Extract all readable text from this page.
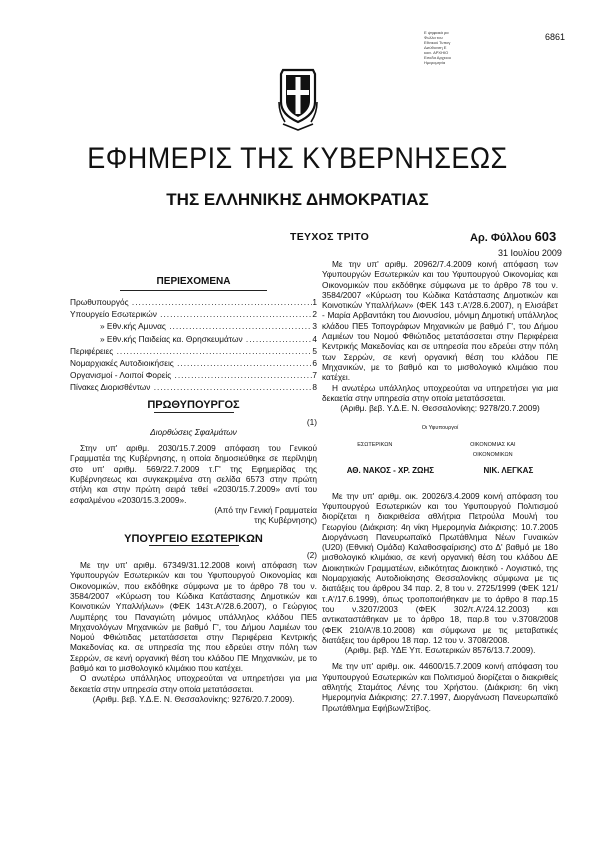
Ε ψηφιακά ρα
Φυλλα του
Εθνικού Τυπογ
Διεύθυνση Ε
κοιν. ΑΡΧΗΙΟ
Εσοδα Αρχειου
Ημερομηνία
6861
ΕΦΗΜΕΡΙΣ ΤΗΣ ΚΥΒΕΡΝΗΣΕΩΣ
ΤΗΣ ΕΛΛΗΝΙΚΗΣ ΔΗΜΟΚΡΑΤΙΑΣ
ΤΕΥΧΟΣ ΤΡΙΤΟ	Αρ. Φύλλου 603
31 Ιουλίου 2009
ΠΕΡΙΕΧΟΜΕΝΑ
Πρωθυπουργός .....	1
Υπουργείο Εσωτερικών .....	2
» Εθν.κής Αμυνας .....	3
» Εθν.κής Παιδείας κα. Θρησκευμάτων .....	4
Περιφέρειες .....	5
Νομαρχιακές Αυτοδιοικήσεις .....	6
Οργανισμοί - Λοιποί Φορείς .....	7
Πίνακες Διορισθέντων .....	8
ΠΡΩΘΥΠΟΥΡΓΟΣ
(1)
Διορθώσεις Σφαλμάτων

Στην υπ' αριθμ. 2030/15.7.2009 απόφαση του Γενικού Γραμματέα της Κυβέρνησης, η οποία δημοσιεύθηκε σε περίληψη στο υπ' αριθμ. 569/22.7.2009 τ.Γ' της Εφημερίδας της Κυβέρνησεως και συγκεκριμένα στη σελίδα 6573 στην πρώτη στήλη και στην πρώτη σειρά τεθεί «2030/15.7.2009» αντί του εσφαλμένου «2030/15.3.2009».

(Από την Γενική Γραμματεία
της Κυβέρνησης)
ΥΠΟΥΡΓΕΙΟ ΕΣΩΤΕΡΙΚΩΝ
(2)

Με την υπ' αριθμ. 67349/31.12.2008 κοινή απόφαση των Υφυπουργών Εσωτερικών και του Υφυπουργού Οικονομίας και Οικονομικών, που εκδόθηκε σύμφωνα με το άρθρο 78 του ν. 3584/2007 «Κύρωση του Κώδικα Κατάστασης Δημοτικών και Κοινοτικών Υπαλλήλων» (ΦΕΚ 143τ.Α'/28.6.2007), ο Γεώργιος Λυμπέρης του Παναγιώτη μόνιμος υπάλληλος κλάδου ΠΕ5 Μηχανολόγων Μηχανικών με βαθμό Γ', του Δήμου Λαμιέων του Νομού Φθιώτιδας μετατάσσεται στην Περιφέρεια Κεντρικής Μακεδονίας κα. σε υπηρεσία της που εδρεύει στην πόλη των Σερρών, σε κενή οργανική θέση του κλάδου ΠΕ Μηχανικών, με το βαθμό και το μισθολογικό κλιμάκιο που κατέχει.

Ο ανωτέρω υπάλληλος υποχρεούται να υπηρετήσει για μια δεκαετία στην υπηρεσία στην οποία μετατάσσεται.

(Αριθμ. βεβ. Υ.Δ.Ε. Ν. Θεσσαλονίκης: 9276/20.7.2009).

Με την υπ' αριθμ. 20962/7.4.2009 κοινή απόφαση των Υφυπουργών Εσωτερικών και του Υφυπουργού Οικονομίας και Οικονομικών που εκδόθηκε σύμφωνα με το άρθρο 78 του ν. 3584/2007 «Κύρωση του Κώδικα Κατάστασης Δημοτικών και Κοινοτικών Υπαλλήλων» (ΦΕΚ 143 τ.Α'/28.6.2007), η Ελισάβετ - Μαρία Αρβανιτάκη του Διονυσίου, μόνιμη Δημοτική υπάλληλος κλάδου ΠΕ5 Τοπογράφων Μηχανικών με βαθμό Γ', του Δήμου Λαμιέων του Νομού Φθιώτιδος μετατάσσεται στην Περιφέρεια Κεντρικής Μακεδονίας και σε υπηρεσία που εδρεύει στην πόλη των Σερρών, σε κενή οργανική θέση του κλάδου ΠΕ Μηχανικών, με το βαθμό και το μισθολογικό κλιμάκιο που κατέχει.

Η ανωτέρω υπάλληλος υποχρεούται να υπηρετήσει για μια δεκαετία στην υπηρεσία στην οποία μετατάσσεται.

(Αριθμ. βεβ. Υ.Δ.Ε. Ν. Θεσσαλονίκης: 9278/20.7.2009)
Οι Υφυπουργοί
ΕΣΩΤΕΡΙΚΩΝ	ΟΙΚΟΝΟΜΙΑΣ ΚΑΙ ΟΙΚΟΝΟΜΙΚΩΝ
ΑΘ. ΝΑΚΟΣ - ΧΡ. ΖΩΗΣ	ΝΙΚ. ΛΕΓΚΑΣ

Με την υπ' αριθμ. οικ. 20026/3.4.2009 κοινή απόφαση του Υφυπουργού Εσωτερικών και του Υφυπουργού Πολιτισμού διορίζεται η διακριθείσα αθλήτρια Πετρούλα Μουλή του Γεωργίου (Διάκριση: 4η νίκη Ημερομηνία Διάκρισης: 10.7.2005 Διοργάνωση Πανευρωπαϊκό Πρωτάθλημα Νέων Γυναικών (U20) (Εθνική Ομάδα) Καλαθοσφαίρισης) στο Δ' βαθμό με 18ο μισθολογικό κλιμάκιο, σε κενή οργανική θέση του κλάδου ΔΕ Διοικητικών Γραμματέων, ειδικότητας Διοικητικό - Λογιστικό, της Νομαρχιακής Αυτοδιοίκησης Θεσσαλονίκης σύμφωνα με τις διατάξεις του άρθρου 34 παρ. 2, 8 του ν. 2725/1999 (ΦΕΚ 121/τ.Α'/17.6.1999), όπως τροποποιήθηκαν με το άρθρο 8 παρ.15 του ν.3207/2003 (ΦΕΚ 302/τ.Α'/24.12.2003) και αντικαταστάθηκαν με το άρθρο 18, παρ.8 του ν.3708/2008 (ΦΕΚ 210/Α'/8.10.2008) και σύμφωνα με τις μεταβατικές διατάξεις του άρθρου 18 παρ. 12 του ν. 3708/2008.

(Αριθμ. βεβ. ΥΔΕ Υπ. Εσωτερικών 8576/13.7.2009).

Με την υπ' αριθμ. οικ. 44600/15.7.2009 κοινή απόφαση του Υφυπουργού Εσωτερικών και Πολιτισμού διορίζεται ο διακριθείς αθλητής Σταμάτος Λένης του Χρήστου. (Διάκριση: 6η νίκη Ημερομηνία Διάκρισης: 27.7.1997, Διοργάνωση Πανευρωπαϊκό Πρωτάθλημα Εφήβων/Στίβος.
